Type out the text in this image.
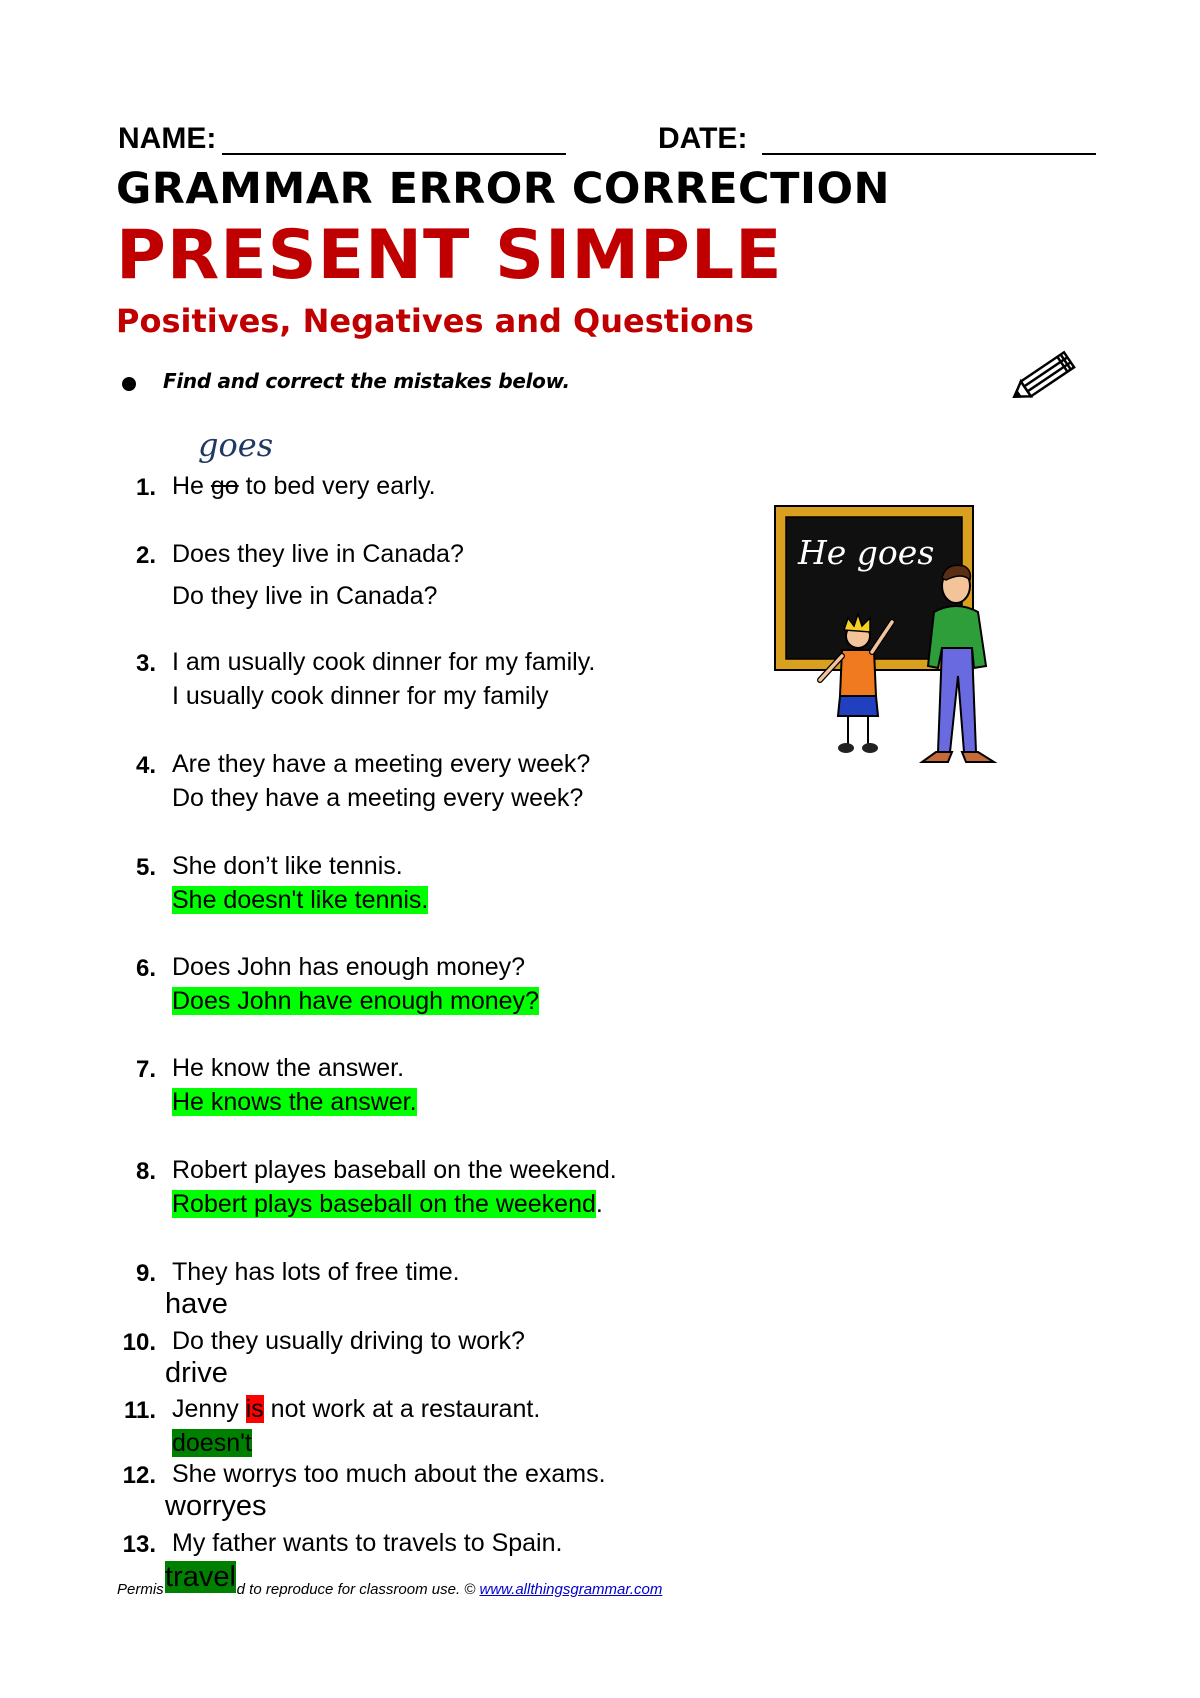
NAME:	DATE:
GRAMMAR ERROR CORRECTION
PRESENT SIMPLE
Positives, Negatives and Questions
Find and correct the mistakes below.
He goes
goes
1. He go to bed very early.
2. Does they live in Canada?
Do they live in Canada?
3. I am usually cook dinner for my family.
I usually cook dinner for my family
4. Are they have a meeting every week?
Do they have a meeting every week?
5. She don’t like tennis.
She doesn't like tennis.
6. Does John has enough money?
Does John have enough money?
7. He know the answer.
He knows the answer.
8. Robert playes baseball on the weekend.
Robert plays baseball on the weekend.
9. They has lots of free time.
have
10. Do they usually driving to work?
drive
11. Jenny is not work at a restaurant.
doesn't
12. She worrys too much about the exams.
worryes
13. My father wants to travels to Spain.
Permis	d to reproduce for classroom use. © www.allthingsgrammar.com
travel
